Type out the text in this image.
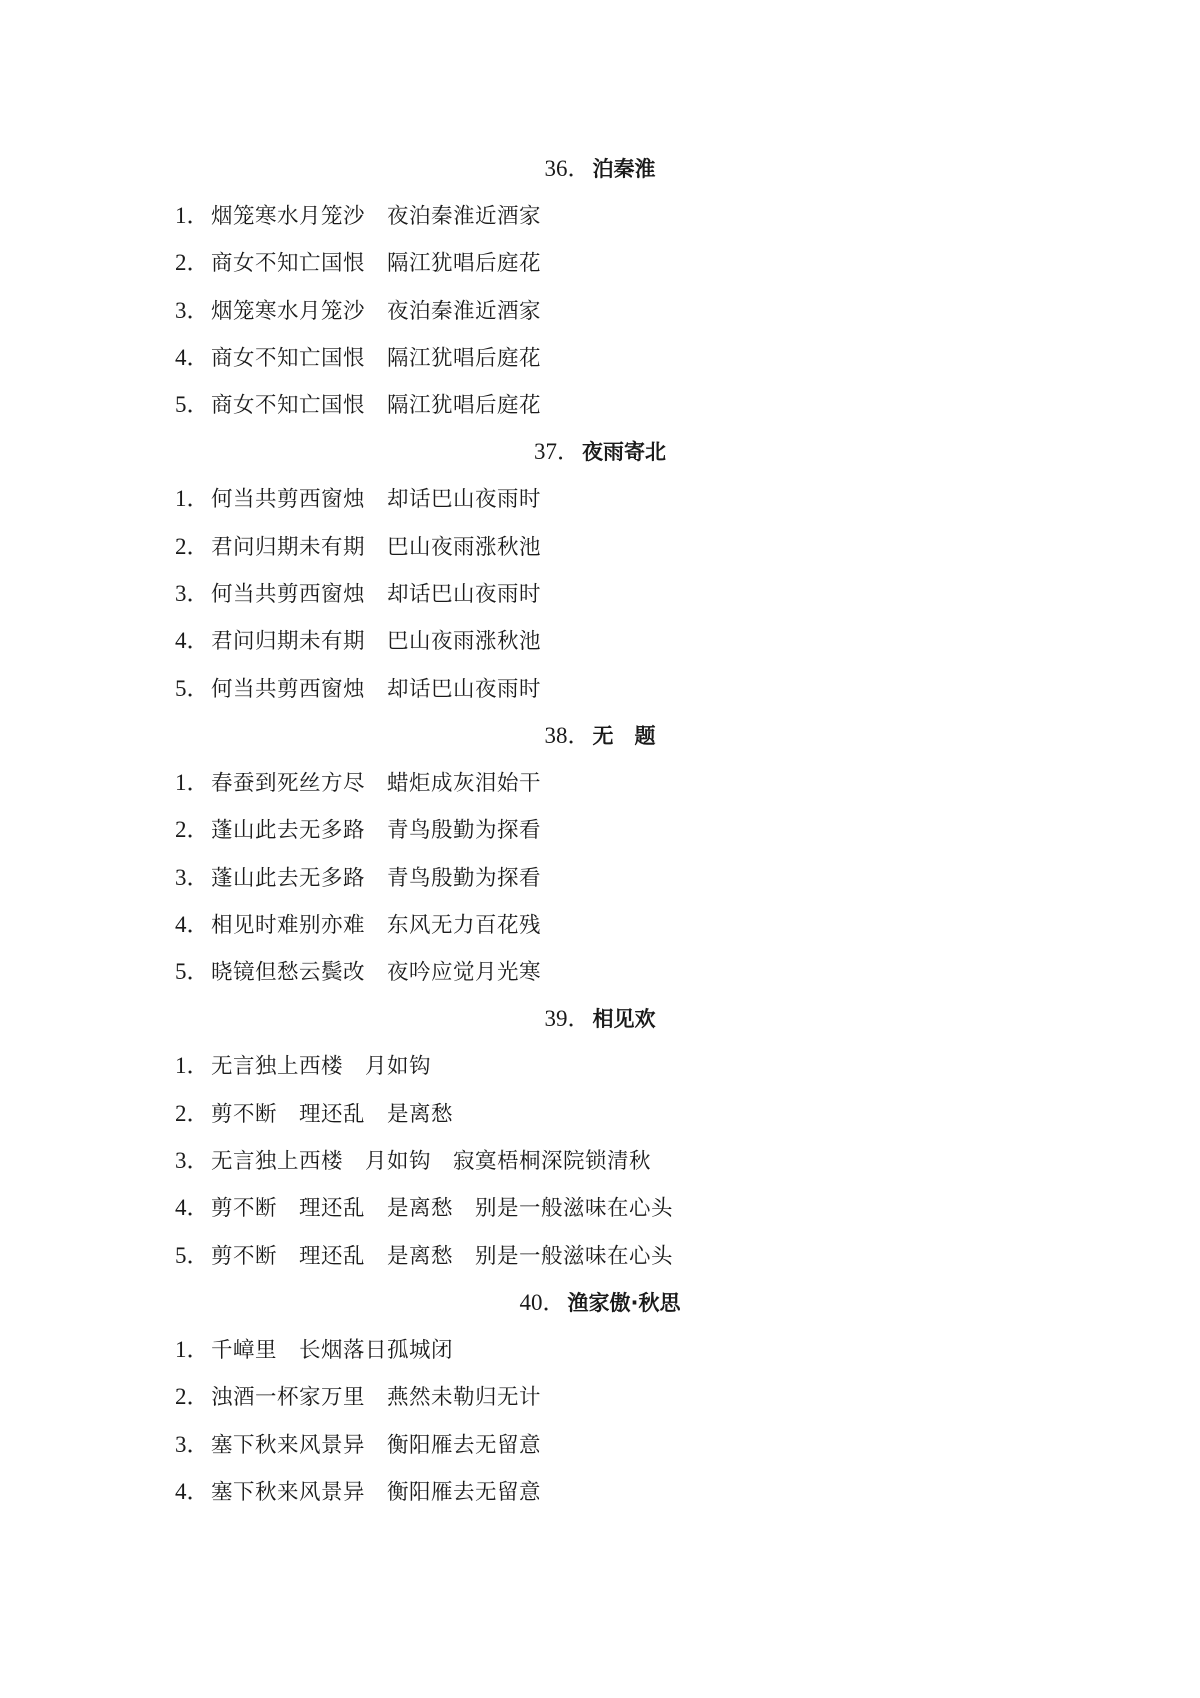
36．泊秦淮
1．烟笼寒水月笼沙　夜泊秦淮近酒家
2．商女不知亡国恨　隔江犹唱后庭花
3．烟笼寒水月笼沙　夜泊秦淮近酒家
4．商女不知亡国恨　隔江犹唱后庭花
5．商女不知亡国恨　隔江犹唱后庭花
37．夜雨寄北
1．何当共剪西窗烛　却话巴山夜雨时
2．君问归期未有期　巴山夜雨涨秋池
3．何当共剪西窗烛　却话巴山夜雨时
4．君问归期未有期　巴山夜雨涨秋池
5．何当共剪西窗烛　却话巴山夜雨时
38．无　题
1．春蚕到死丝方尽　蜡炬成灰泪始干
2．蓬山此去无多路　青鸟殷勤为探看
3．蓬山此去无多路　青鸟殷勤为探看
4．相见时难别亦难　东风无力百花残
5．晓镜但愁云鬓改　夜吟应觉月光寒
39．相见欢
1．无言独上西楼　月如钩
2．剪不断　理还乱　是离愁
3．无言独上西楼　月如钩　寂寞梧桐深院锁清秋
4．剪不断　理还乱　是离愁　别是一般滋味在心头
5．剪不断　理还乱　是离愁　别是一般滋味在心头
40．渔家傲·秋思
1．千嶂里　长烟落日孤城闭
2．浊酒一杯家万里　燕然未勒归无计
3．塞下秋来风景异　衡阳雁去无留意
4．塞下秋来风景异　衡阳雁去无留意
